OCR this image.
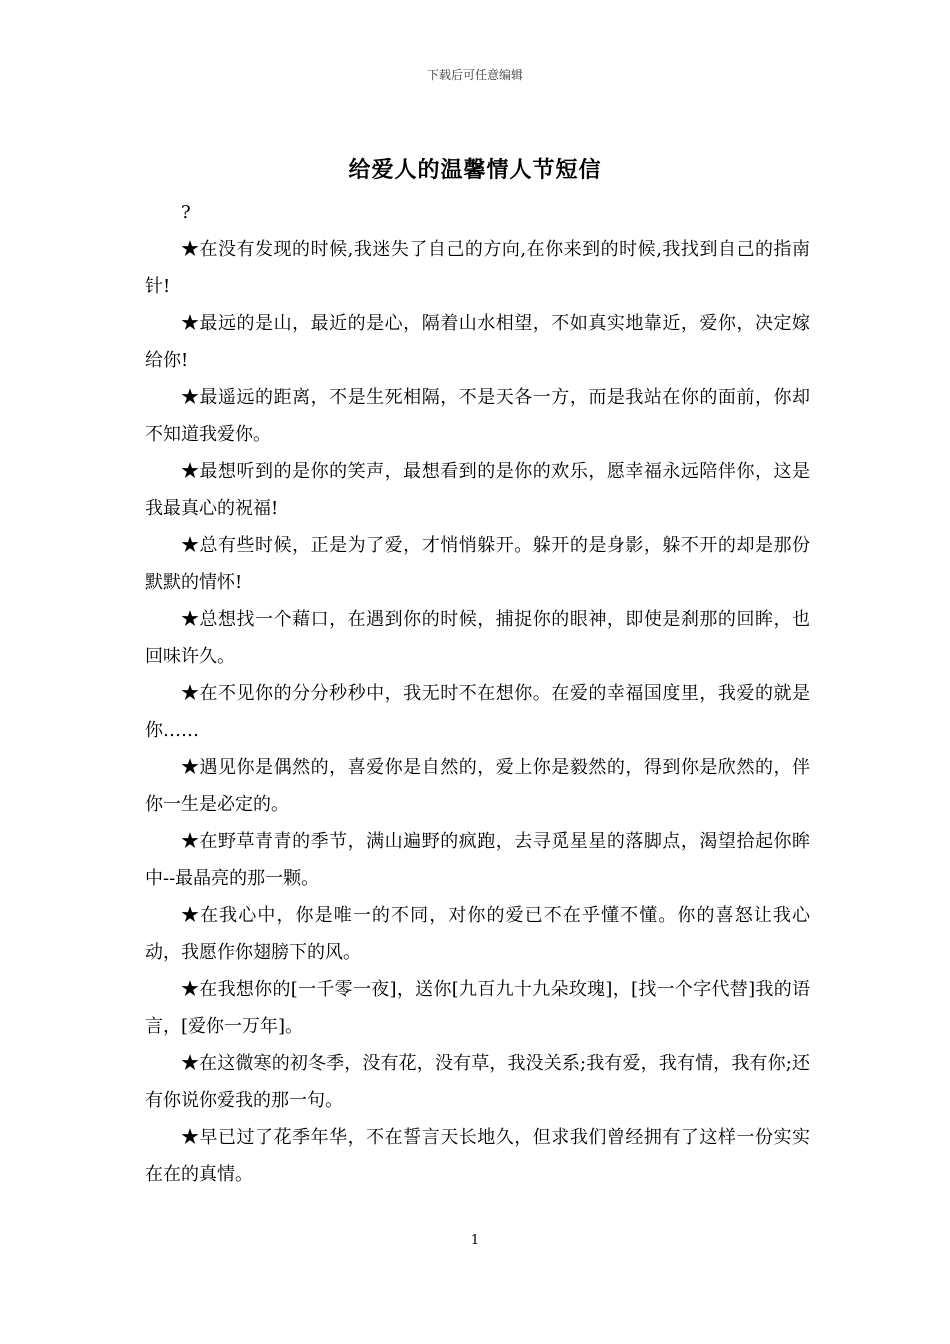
下载后可任意编辑
给爱人的温馨情人节短信

?

★在没有发现的时候,我迷失了自己的方向,在你来到的时候,我找到自己的指南针!

★最远的是山，最近的是心，隔着山水相望，不如真实地靠近，爱你，决定嫁给你!

★最遥远的距离，不是生死相隔，不是天各一方，而是我站在你的面前，你却不知道我爱你。

★最想听到的是你的笑声，最想看到的是你的欢乐，愿幸福永远陪伴你，这是我最真心的祝福!

★总有些时候，正是为了爱，才悄悄躲开。躲开的是身影，躲不开的却是那份默默的情怀!

★总想找一个藉口，在遇到你的时候，捕捉你的眼神，即使是刹那的回眸，也回味许久。

★在不见你的分分秒秒中，我无时不在想你。在爱的幸福国度里，我爱的就是你……

★遇见你是偶然的，喜爱你是自然的，爱上你是毅然的，得到你是欣然的，伴你一生是必定的。

★在野草青青的季节，满山遍野的疯跑，去寻觅星星的落脚点，渴望拾起你眸中--最晶亮的那一颗。

★在我心中，你是唯一的不同，对你的爱已不在乎懂不懂。你的喜怒让我心动，我愿作你翅膀下的风。

★在我想你的[一千零一夜]，送你[九百九十九朵玫瑰]，[找一个字代替]我的语言，[爱你一万年]。

★在这微寒的初冬季，没有花，没有草，我没关系;我有爱，我有情，我有你;还有你说你爱我的那一句。

★早已过了花季年华，不在誓言天长地久，但求我们曾经拥有了这样一份实实在在的真情。

1
